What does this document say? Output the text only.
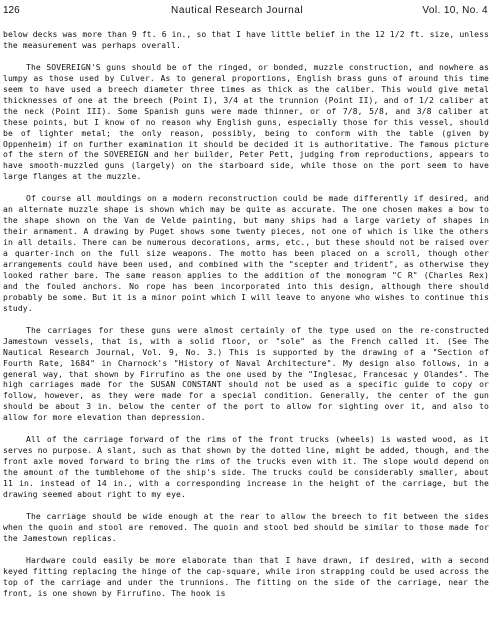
126	Nautical Research Journal	Vol. 10, No. 4

below decks was more than 9 ft. 6 in., so that I have little belief in the 12 1/2 ft. size, unless the measurement was perhaps overall.

The SOVEREIGN'S guns should be of the ringed, or bonded, muzzle construction, and nowhere as lumpy as those used by Culver. As to general proportions, English brass guns of around this time seem to have used a breech diameter three times as thick as the caliber. This would give metal thicknesses of one at the breech (Point I), 3/4 at the trunnion (Point II), and of 1/2 caliber at the neck (Point III). Some Spanish guns were made thinner, or of 7/8, 5/8, and 3/8 caliber at these points, but I know of no reason why English guns, especially those for this vessel, should be of lighter metal; the only reason, possibly, being to conform with the table (given by Oppenheim) if on further examination it should be decided it is authoritative. The famous picture of the stern of the SOVEREIGN and her builder, Peter Pett, judging from reproductions, appears to have smooth-muzzled guns (largely) on the starboard side, while those on the port seem to have large flanges at the muzzle.

Of course all mouldings on a modern reconstruction could be made differently if desired, and an alternate muzzle shape is shown which may be quite as accurate. The one chosen makes a bow to the shape shown on the Van de Velde painting, but many ships had a large variety of shapes in their armament. A drawing by Puget shows some twenty pieces, not one of which is like the others in all details. There can be numerous decorations, arms, etc., but these should not be raised over a quarter-inch on the full size weapons. The motto has been placed on a scroll, though other arrangements could have been used, and combined with the "scepter and trident", as otherwise they looked rather bare. The same reason applies to the addition of the monogram "C R" (Charles Rex) and the fouled anchors. No rope has been incorporated into this design, although there should probably be some. But it is a minor point which I will leave to anyone who wishes to continue this study.

The carriages for these guns were almost certainly of the type used on the re-constructed Jamestown vessels, that is, with a solid floor, or "sole" as the French called it. (See The Nautical Research Journal, Vol. 9, No. 3.) This is supported by the drawing of a "Section of Fourth Rate, 1684" in Charnock's "History of Naval Architecture". My design also follows, in a general way, that shown by Firrufino as the one used by the "Inglesac, Francesac y Olandes". The high carriages made for the SUSAN CONSTANT should not be used as a specific guide to copy or follow, however, as they were made for a special condition. Generally, the center of the gun should be about 3 in. below the center of the port to allow for sighting over it, and also to allow for more elevation than depression.

All of the carriage forward of the rims of the front trucks (wheels) is wasted wood, as it serves no purpose. A slant, such as that shown by the dotted line, might be added, though, and the front axle moved forward to bring the rims of the trucks even with it. The slope would depend on the amount of the tumblehome of the ship's side. The trucks could be considerably smaller, about 11 in. instead of 14 in., with a corresponding increase in the height of the carriage, but the drawing seemed about right to my eye.

The carriage should be wide enough at the rear to allow the breech to fit between the sides when the quoin and stool are removed. The quoin and stool bed should be similar to those made for the Jamestown replicas.

Hardware could easily be more elaborate than that I have drawn, if desired, with a second keyed fitting replacing the hinge of the cap-square, while iron strapping could be used across the top of the carriage and under the trunnions. The fitting on the side of the carriage, near the front, is one shown by Firrufino. The hook is
